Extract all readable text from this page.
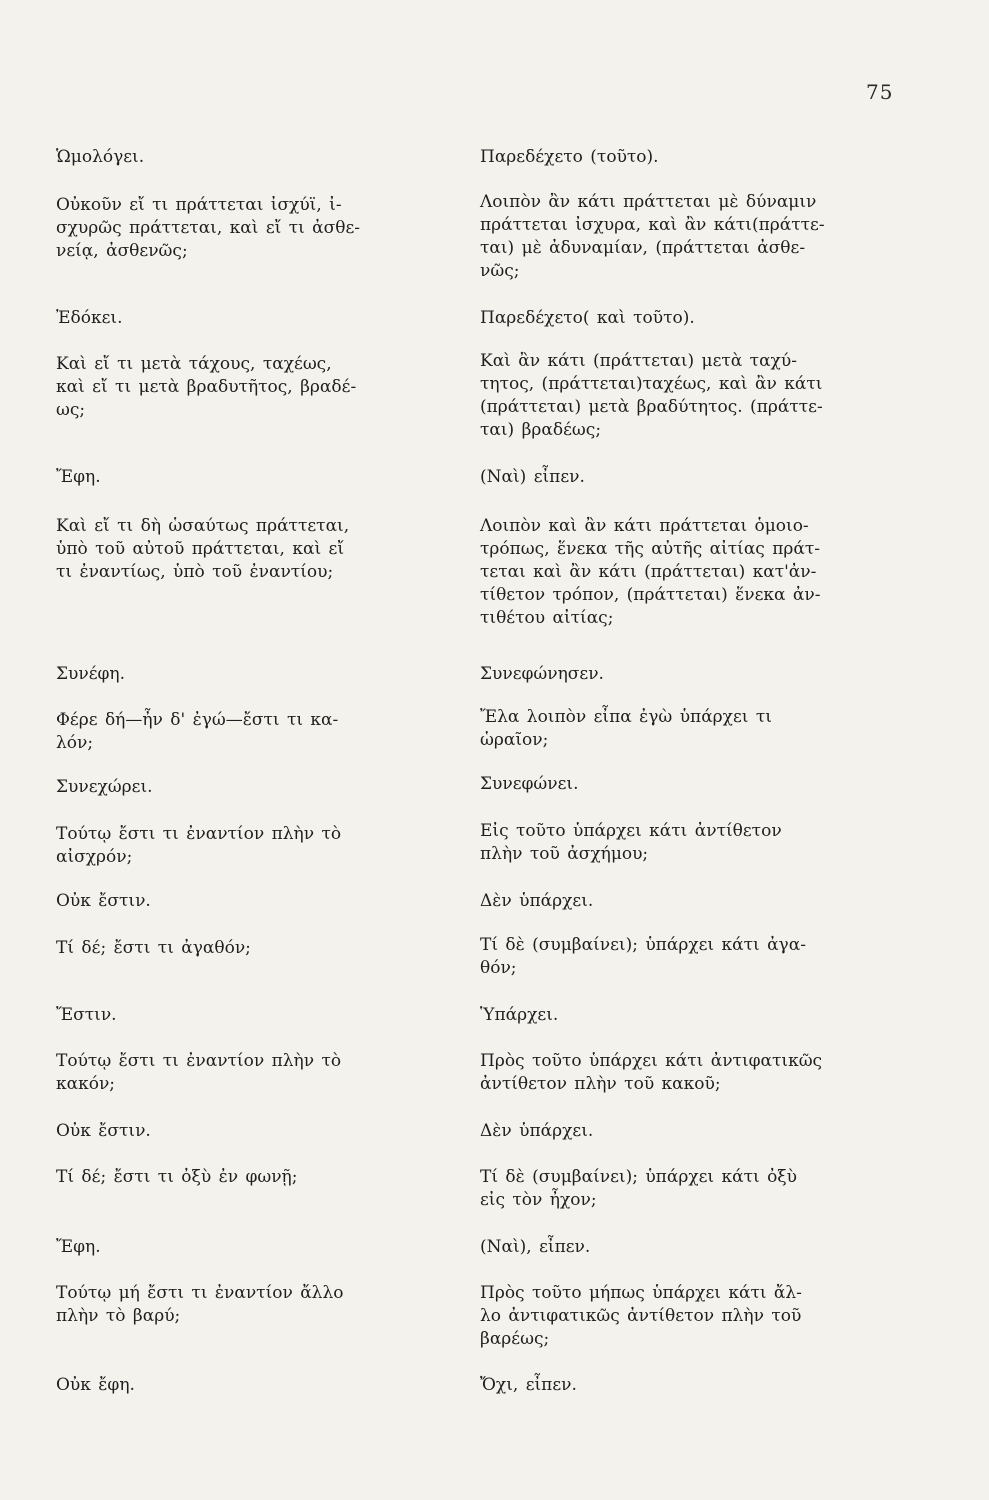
75

Ὡμολόγει.

Οὐκοῦν εἴ τι πράττεται ἰσχύϊ, ἰ-
σχυρῶς πράττεται, καὶ εἴ τι ἀσθε-
νείᾳ, ἀσθενῶς;

Ἐδόκει.

Καὶ εἴ τι μετὰ τάχους, ταχέως,
καὶ εἴ τι μετὰ βραδυτῆτος, βραδέ-
ως;

Ἔφη.

Καὶ εἴ τι δὴ ὡσαύτως πράττεται,
ὑπὸ τοῦ αὐτοῦ πράττεται, καὶ εἴ
τι ἐναντίως, ὑπὸ τοῦ ἐναντίου;

Συνέφη.

Φέρε δή—ἦν δ' ἐγώ—ἔστι τι κα-
λόν;

Συνεχώρει.

Τούτῳ ἔστι τι ἐναντίον πλὴν τὸ
αἰσχρόν;

Οὐκ ἔστιν.

Τί δέ; ἔστι τι ἀγαθόν;

Ἔστιν.

Τούτῳ ἔστι τι ἐναντίον πλὴν τὸ
κακόν;

Οὐκ ἔστιν.

Τί δέ; ἔστι τι ὀξὺ ἐν φωνῇ;

Ἔφη.

Τούτῳ μή ἔστι τι ἐναντίον ἄλλο
πλὴν τὸ βαρύ;

Οὐκ ἔφη.

Παρεδέχετο (τοῦτο).

Λοιπὸν ἂν κάτι πράττεται μὲ δύναμιν
πράττεται ἰσχυρα, καὶ ἂν κάτι(πράττε-
ται) μὲ ἀδυναμίαν, (πράττεται ἀσθε-
νῶς;

Παρεδέχετο( καὶ τοῦτο).

Καὶ ἂν κάτι (πράττεται) μετὰ ταχύ-
τητος, (πράττεται)ταχέως, καὶ ἂν κάτι
(πράττεται) μετὰ βραδύτητος. (πράττε-
ται) βραδέως;

(Ναὶ) εἶπεν.

Λοιπὸν καὶ ἂν κάτι πράττεται ὁμοιο-
τρόπως, ἕνεκα τῆς αὐτῆς αἰτίας πράτ-
τεται καὶ ἂν κάτι (πράττεται) κατ'ἀν-
τίθετον τρόπον, (πράττεται) ἕνεκα ἀν-
τιθέτου αἰτίας;

Συνεφώνησεν.

Ἔλα λοιπὸν εἶπα ἐγὼ ὑπάρχει τι
ὡραῖον;

Συνεφώνει.

Εἰς τοῦτο ὑπάρχει κάτι ἀντίθετον
πλὴν τοῦ ἀσχήμου;

Δὲν ὑπάρχει.

Τί δὲ (συμβαίνει); ὑπάρχει κάτι ἀγα-
θόν;

Ὑπάρχει.

Πρὸς τοῦτο ὑπάρχει κάτι ἀντιφατικῶς
ἀντίθετον πλὴν τοῦ κακοῦ;

Δὲν ὑπάρχει.

Τί δὲ (συμβαίνει); ὑπάρχει κάτι ὀξὺ
εἰς τὸν ἦχον;

(Ναὶ), εἶπεν.

Πρὸς τοῦτο μήπως ὑπάρχει κάτι ἄλ-
λο ἀντιφατικῶς ἀντίθετον πλὴν τοῦ
βαρέως;

Ὄχι, εἶπεν.
